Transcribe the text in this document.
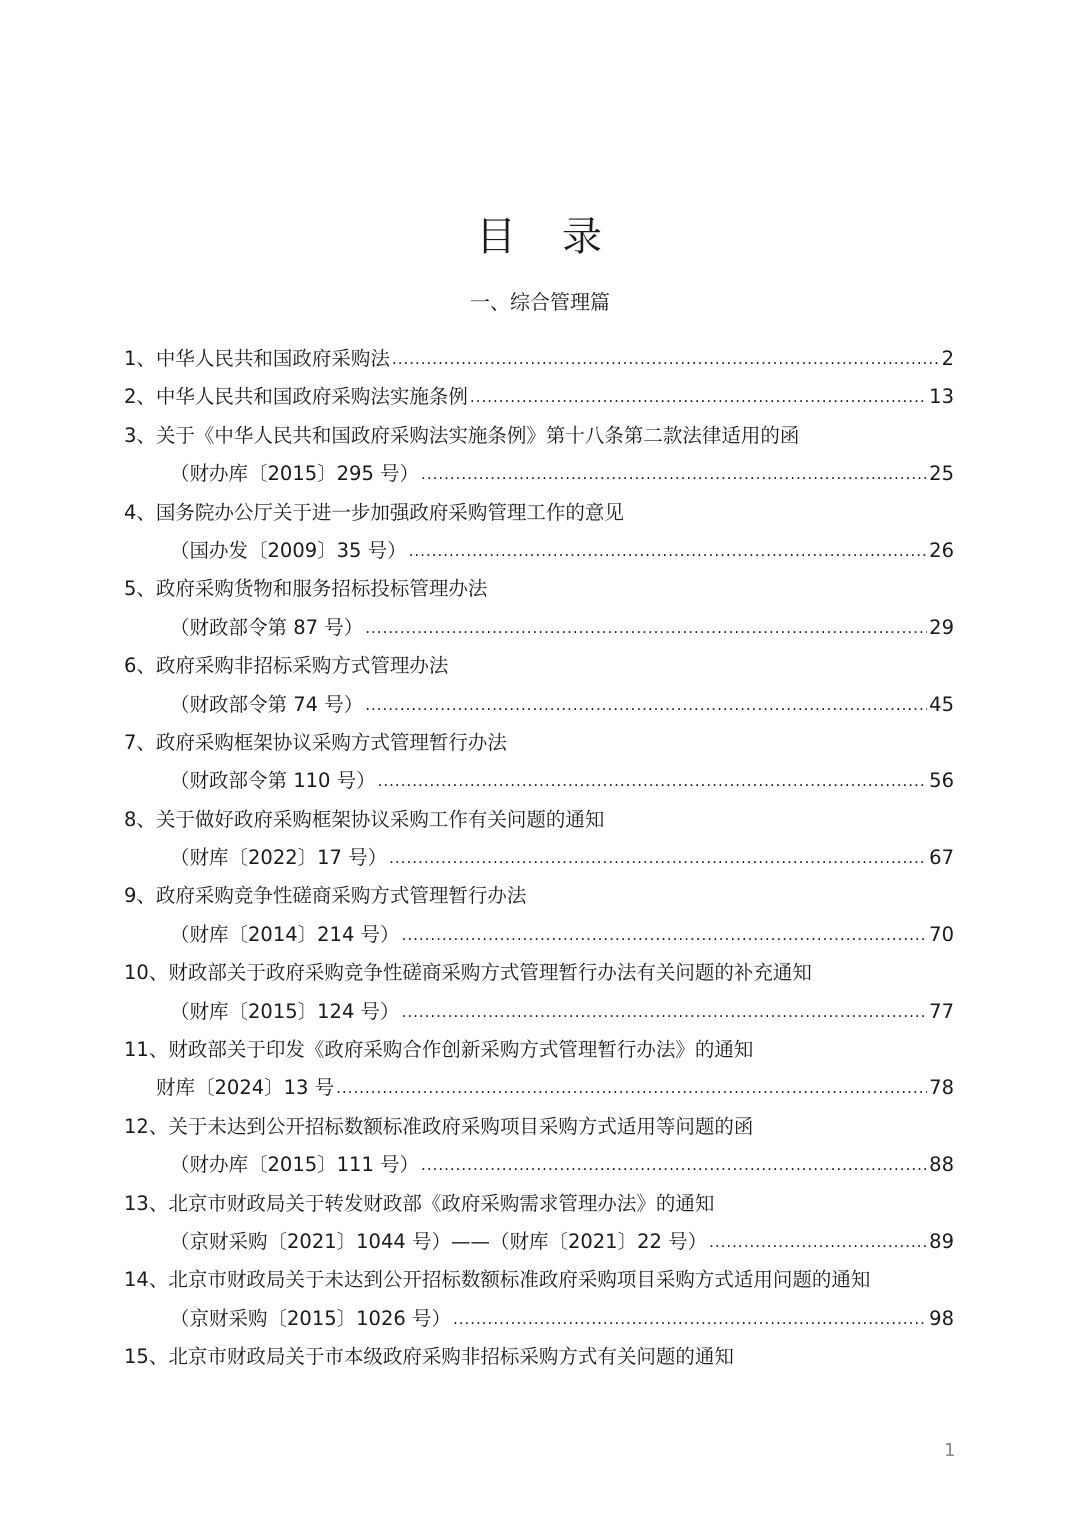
目 录
一、综合管理篇
1、中华人民共和国政府采购法 .....	2
2、中华人民共和国政府采购法实施条例 .....	13
3、关于《中华人民共和国政府采购法实施条例》第十八条第二款法律适用的函
（财办库〔2015〕295 号） .....	25
4、国务院办公厅关于进一步加强政府采购管理工作的意见
（国办发〔2009〕35 号） .....	26
5、政府采购货物和服务招标投标管理办法
（财政部令第 87 号） .....	29
6、政府采购非招标采购方式管理办法
（财政部令第 74 号） .....	45
7、政府采购框架协议采购方式管理暂行办法
（财政部令第 110 号） .....	56
8、关于做好政府采购框架协议采购工作有关问题的通知
（财库〔2022〕17 号） .....	67
9、政府采购竞争性磋商采购方式管理暂行办法
（财库〔2014〕214 号） .....	70
10、财政部关于政府采购竞争性磋商采购方式管理暂行办法有关问题的补充通知
（财库〔2015〕124 号） .....	77
11、财政部关于印发《政府采购合作创新采购方式管理暂行办法》的通知
财库〔2024〕13 号 .....	78
12、关于未达到公开招标数额标准政府采购项目采购方式适用等问题的函
（财办库〔2015〕111 号） .....	88
13、北京市财政局关于转发财政部《政府采购需求管理办法》的通知
（京财采购〔2021〕1044 号）——（财库〔2021〕22 号） .....	89
14、北京市财政局关于未达到公开招标数额标准政府采购项目采购方式适用问题的通知
（京财采购〔2015〕1026 号） .....	98
15、北京市财政局关于市本级政府采购非招标采购方式有关问题的通知
1
